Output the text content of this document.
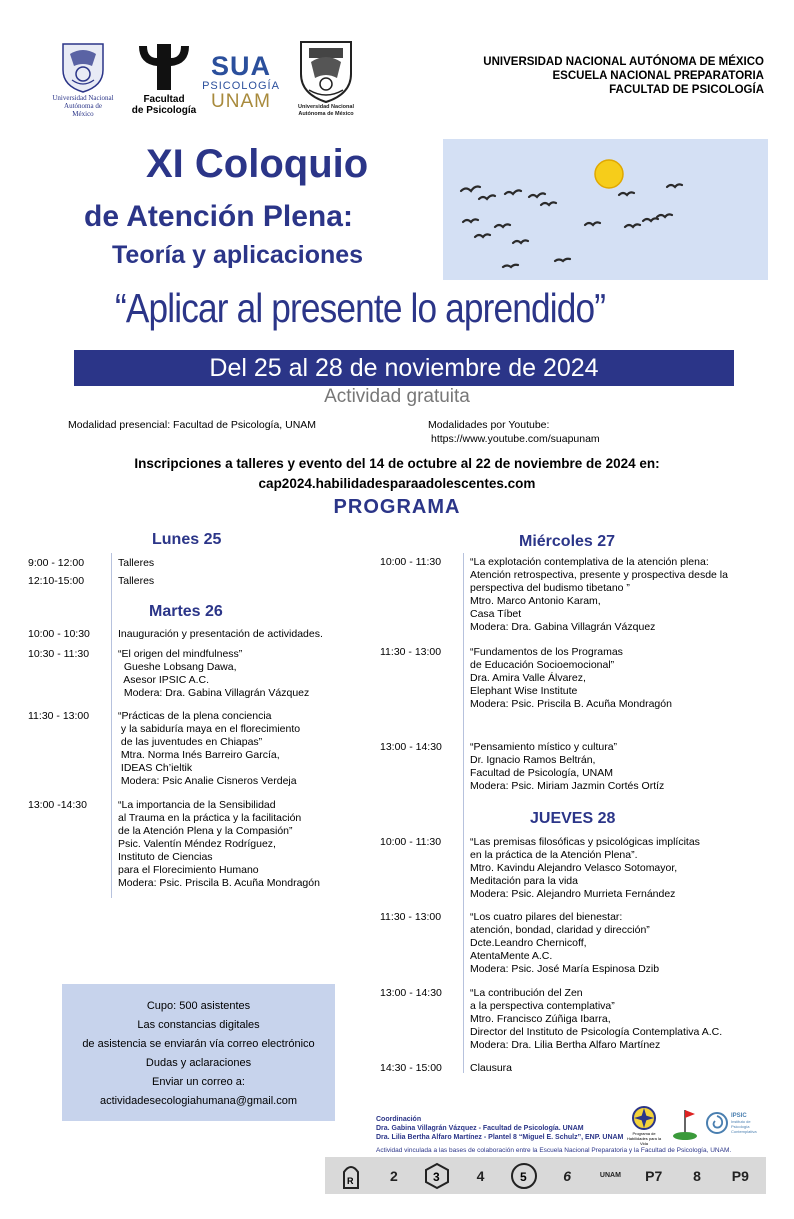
Universidad Nacional
Autónoma de
México
Facultad
de Psicología
SUA
PSICOLOGÍA
UNAM	Universidad Nacional
Autónoma de México
UNIVERSIDAD NACIONAL AUTÓNOMA DE MÉXICO
ESCUELA NACIONAL PREPARATORIA
FACULTAD DE PSICOLOGÍA
XI Coloquio
de Atención Plena:
Teoría y aplicaciones
“Aplicar al presente lo aprendido”
Del 25 al 28 de noviembre de 2024
Actividad gratuita
Modalidad presencial: Facultad de Psicología, UNAM	Modalidades por Youtube:
https://www.youtube.com/suapunam
Inscripciones a talleres y evento del 14 de octubre al 22 de noviembre de 2024 en:
cap2024.habilidadesparaadolescentes.com
PROGRAMA
Lunes 25
9:00 - 12:00	Talleres
12:10-15:00	Talleres
Martes 26
10:00 - 10:30	Inauguración y presentación de actividades.
10:30 - 11:30	“El origen del mindfulness”
Gueshe Lobsang Dawa,
Asesor IPSIC A.C.
Modera: Dra. Gabina Villagrán Vázquez
11:30 - 13:00	“Prácticas de la plena conciencia
y la sabiduría maya en el florecimiento
de las juventudes en Chiapas”
Mtra. Norma Inés Barreiro García,
IDEAS Ch’ieltik
Modera: Psic Analie Cisneros Verdeja
13:00 -14:30	“La importancia de la Sensibilidad
al Trauma en la práctica y la facilitación
de la Atención Plena y la Compasión”
Psic. Valentín Méndez Rodríguez,
Instituto de Ciencias
para el Florecimiento Humano
Modera: Psic. Priscila B. Acuña Mondragón
Miércoles 27
10:00 - 11:30	“La explotación contemplativa de la atención plena:
Atención retrospectiva, presente y prospectiva desde la
perspectiva del budismo tibetano ”
Mtro. Marco Antonio Karam,
Casa Tíbet
Modera: Dra. Gabina Villagrán Vázquez
11:30 - 13:00	“Fundamentos de los Programas
de Educación Socioemocional”
Dra. Amira Valle Álvarez,
Elephant Wise Institute
Modera: Psic. Priscila B. Acuña Mondragón
13:00 - 14:30	“Pensamiento místico y cultura”
Dr. Ignacio Ramos Beltrán,
Facultad de Psicología, UNAM
Modera: Psic. Miriam Jazmin Cortés Ortíz
JUEVES 28
10:00 - 11:30	“Las premisas filosóficas y psicológicas implícitas
en la práctica de la Atención Plena”.
Mtro. Kavindu Alejandro Velasco Sotomayor,
Meditación para la vida
Modera: Psic. Alejandro Murrieta Fernández
11:30 - 13:00	“Los cuatro pilares del bienestar:
atención, bondad, claridad y dirección”
Dcte.Leandro Chernicoff,
AtentaMente A.C.
Modera: Psic. José María Espinosa Dzib
13:00 - 14:30	“La contribución del Zen
a la perspectiva contemplativa”
Mtro. Francisco Zúñiga Ibarra,
Director del Instituto de Psicología Contemplativa A.C.
Modera: Dra. Lilia Bertha Alfaro Martínez
14:30 - 15:00	Clausura
Cupo: 500 asistentes
Las constancias digitales
de asistencia se enviarán vía correo electrónico
Dudas y aclaraciones
Enviar un correo a:
actividadesecologiahumana@gmail.com
Coordinación
Dra. Gabina Villagrán Vázquez - Facultad de Psicología. UNAM
Dra. Lilia Bertha Alfaro Martínez - Plantel 8 “Miguel E. Schulz”, ENP. UNAM
Actividad vinculada a las bases de colaboración entre la Escuela Nacional Preparatoria y la Facultad de Psicología, UNAM.
Programa de Habilidades para la Vida
IPSIC
Instituto de Psicología Contemplativa
R	2	3	4	5	6	UNAM	P7	8	P9
